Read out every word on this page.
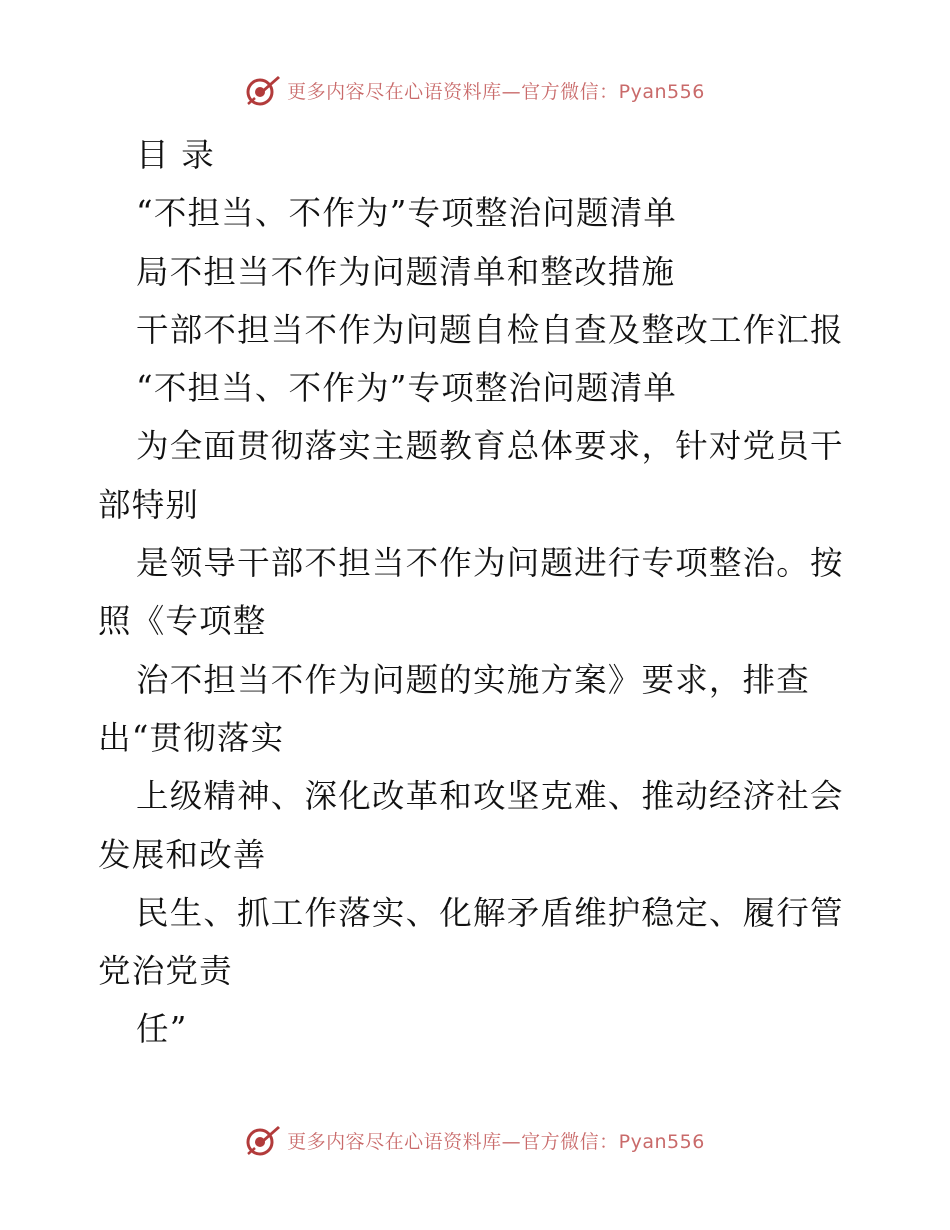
更多内容尽在心语资料库—官方微信：Pyan556
目 录
“不担当、不作为”专项整治问题清单
局不担当不作为问题清单和整改措施
干部不担当不作为问题自检自查及整改工作汇报
“不担当、不作为”专项整治问题清单
为全面贯彻落实主题教育总体要求，针对党员干
部特别
是领导干部不担当不作为问题进行专项整治。按
照《专项整
治不担当不作为问题的实施方案》要求，排查
出“贯彻落实
上级精神、深化改革和攻坚克难、推动经济社会
发展和改善
民生、抓工作落实、化解矛盾维护稳定、履行管
党治党责
任”
更多内容尽在心语资料库—官方微信：Pyan556
